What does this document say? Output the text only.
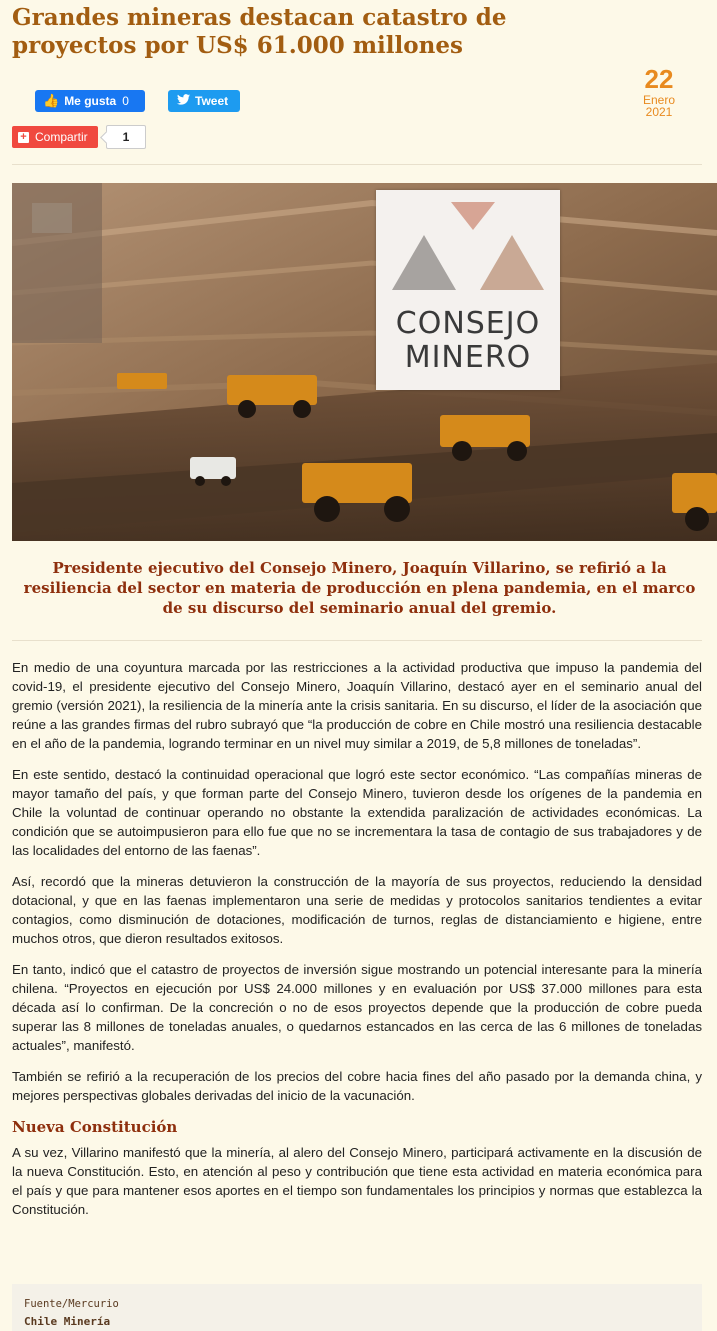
Grandes mineras destacan catastro de proyectos por US$ 61.000 millones
22
Enero
2021
👍 Me gusta 0	Tweet
+ Compartir	1
CONSEJO
MINERO

Presidente ejecutivo del Consejo Minero, Joaquín Villarino, se refirió a la resiliencia del sector en materia de producción en plena pandemia, en el marco de su discurso del seminario anual del gremio.

En medio de una coyuntura marcada por las restricciones a la actividad productiva que impuso la pandemia del covid-19, el presidente ejecutivo del Consejo Minero, Joaquín Villarino, destacó ayer en el seminario anual del gremio (versión 2021), la resiliencia de la minería ante la crisis sanitaria. En su discurso, el líder de la asociación que reúne a las grandes firmas del rubro subrayó que “la producción de cobre en Chile mostró una resiliencia destacable en el año de la pandemia, logrando terminar en un nivel muy similar a 2019, de 5,8 millones de toneladas”.

En este sentido, destacó la continuidad operacional que logró este sector económico. “Las compañías mineras de mayor tamaño del país, y que forman parte del Consejo Minero, tuvieron desde los orígenes de la pandemia en Chile la voluntad de continuar operando no obstante la extendida paralización de actividades económicas. La condición que se autoimpusieron para ello fue que no se incrementara la tasa de contagio de sus trabajadores y de las localidades del entorno de las faenas”.

Así, recordó que la mineras detuvieron la construcción de la mayoría de sus proyectos, reduciendo la densidad dotacional, y que en las faenas implementaron una serie de medidas y protocolos sanitarios tendientes a evitar contagios, como disminución de dotaciones, modificación de turnos, reglas de distanciamiento e higiene, entre muchos otros, que dieron resultados exitosos.

En tanto, indicó que el catastro de proyectos de inversión sigue mostrando un potencial interesante para la minería chilena. “Proyectos en ejecución por US$ 24.000 millones y en evaluación por US$ 37.000 millones para esta década así lo confirman. De la concreción o no de esos proyectos depende que la producción de cobre pueda superar las 8 millones de toneladas anuales, o quedarnos estancados en las cerca de las 6 millones de toneladas actuales”, manifestó.

También se refirió a la recuperación de los precios del cobre hacia fines del año pasado por la demanda china, y mejores perspectivas globales derivadas del inicio de la vacunación.

Nueva Constitución

A su vez, Villarino manifestó que la minería, al alero del Consejo Minero, participará activamente en la discusión de la nueva Constitución. Esto, en atención al peso y contribución que tiene esta actividad en materia económica para el país y que para mantener esos aportes en el tiempo son fundamentales los principios y normas que establezca la Constitución.

Fuente/Mercurio
Chile Minería
